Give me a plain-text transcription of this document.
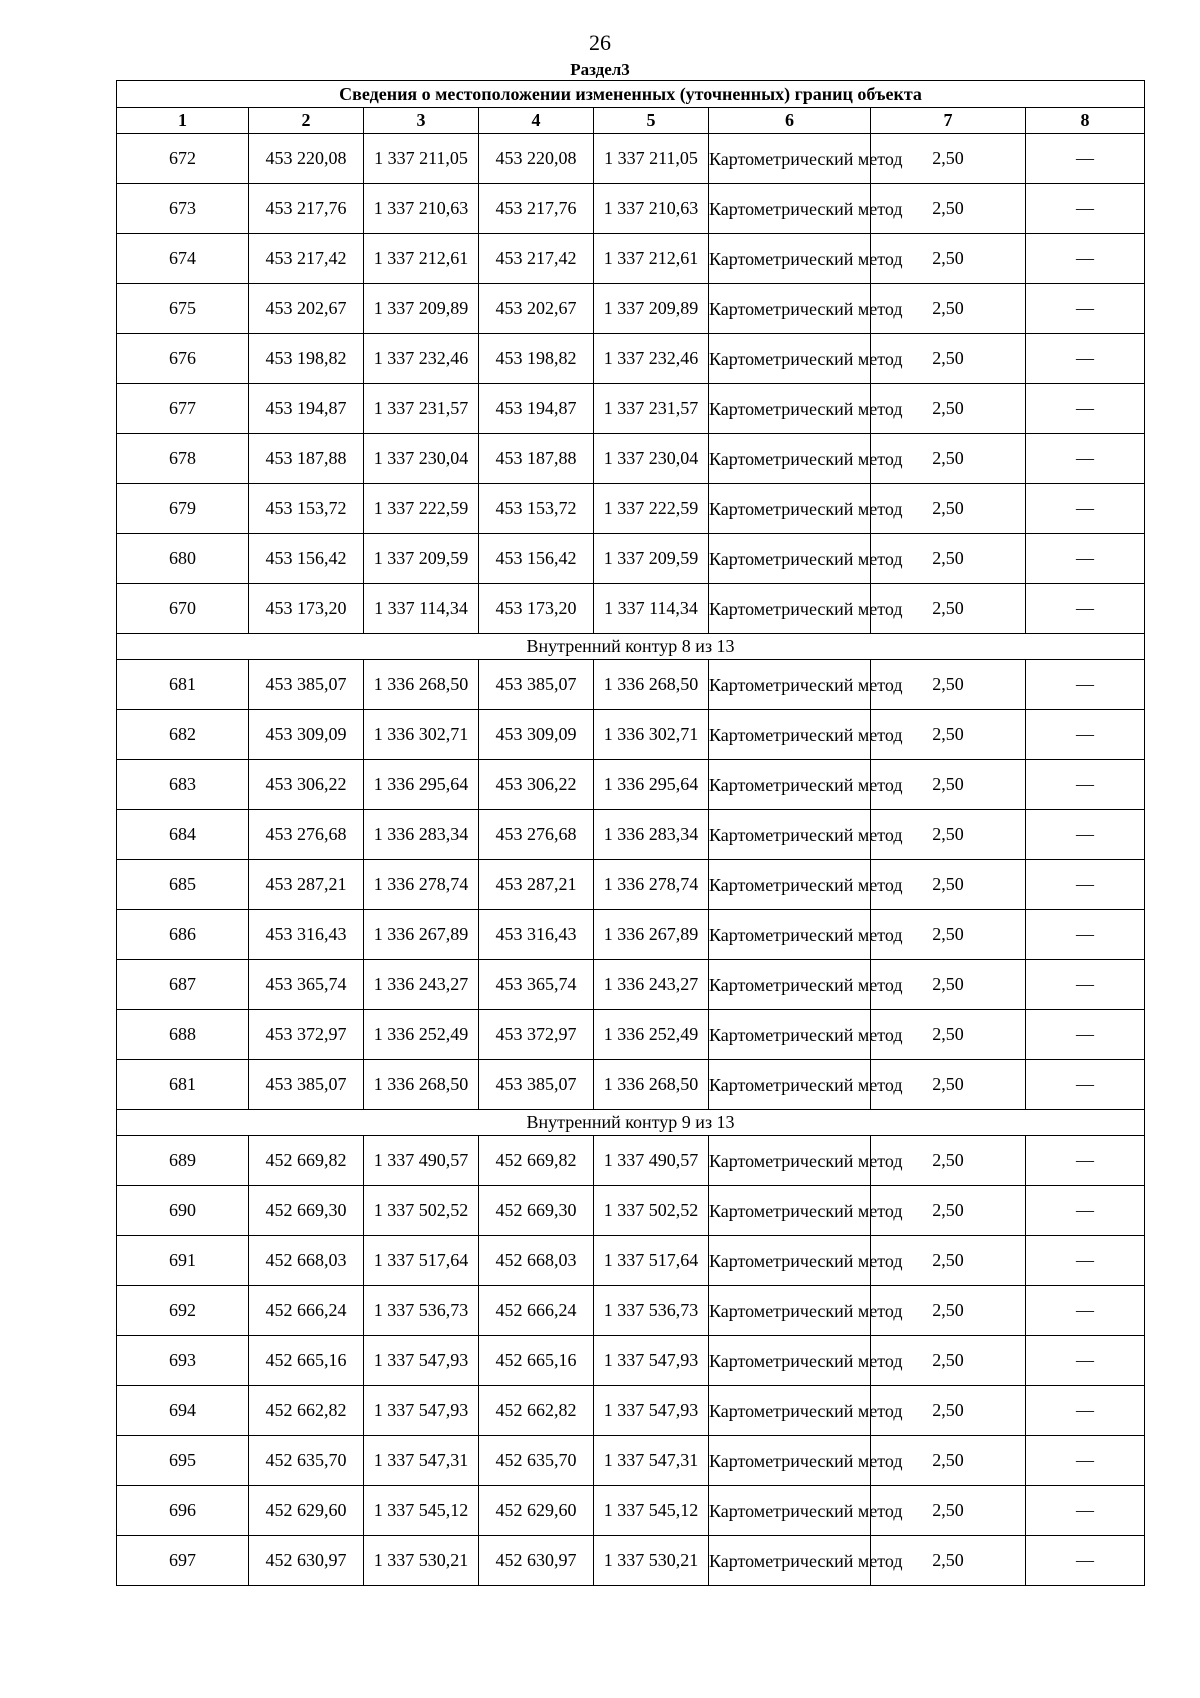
26
Раздел3
Сведения о местоположении измененных (уточненных) границ объекта							
1	2	3	4	5	6	7	8
672	453 220,08	1 337 211,05	453 220,08	1 337 211,05	Картометрический метод	2,50	—
673	453 217,76	1 337 210,63	453 217,76	1 337 210,63	Картометрический метод	2,50	—
674	453 217,42	1 337 212,61	453 217,42	1 337 212,61	Картометрический метод	2,50	—
675	453 202,67	1 337 209,89	453 202,67	1 337 209,89	Картометрический метод	2,50	—
676	453 198,82	1 337 232,46	453 198,82	1 337 232,46	Картометрический метод	2,50	—
677	453 194,87	1 337 231,57	453 194,87	1 337 231,57	Картометрический метод	2,50	—
678	453 187,88	1 337 230,04	453 187,88	1 337 230,04	Картометрический метод	2,50	—
679	453 153,72	1 337 222,59	453 153,72	1 337 222,59	Картометрический метод	2,50	—
680	453 156,42	1 337 209,59	453 156,42	1 337 209,59	Картометрический метод	2,50	—
670	453 173,20	1 337 114,34	453 173,20	1 337 114,34	Картометрический метод	2,50	—
Внутренний контур 8 из 13							
681	453 385,07	1 336 268,50	453 385,07	1 336 268,50	Картометрический метод	2,50	—
682	453 309,09	1 336 302,71	453 309,09	1 336 302,71	Картометрический метод	2,50	—
683	453 306,22	1 336 295,64	453 306,22	1 336 295,64	Картометрический метод	2,50	—
684	453 276,68	1 336 283,34	453 276,68	1 336 283,34	Картометрический метод	2,50	—
685	453 287,21	1 336 278,74	453 287,21	1 336 278,74	Картометрический метод	2,50	—
686	453 316,43	1 336 267,89	453 316,43	1 336 267,89	Картометрический метод	2,50	—
687	453 365,74	1 336 243,27	453 365,74	1 336 243,27	Картометрический метод	2,50	—
688	453 372,97	1 336 252,49	453 372,97	1 336 252,49	Картометрический метод	2,50	—
681	453 385,07	1 336 268,50	453 385,07	1 336 268,50	Картометрический метод	2,50	—
Внутренний контур 9 из 13							
689	452 669,82	1 337 490,57	452 669,82	1 337 490,57	Картометрический метод	2,50	—
690	452 669,30	1 337 502,52	452 669,30	1 337 502,52	Картометрический метод	2,50	—
691	452 668,03	1 337 517,64	452 668,03	1 337 517,64	Картометрический метод	2,50	—
692	452 666,24	1 337 536,73	452 666,24	1 337 536,73	Картометрический метод	2,50	—
693	452 665,16	1 337 547,93	452 665,16	1 337 547,93	Картометрический метод	2,50	—
694	452 662,82	1 337 547,93	452 662,82	1 337 547,93	Картометрический метод	2,50	—
695	452 635,70	1 337 547,31	452 635,70	1 337 547,31	Картометрический метод	2,50	—
696	452 629,60	1 337 545,12	452 629,60	1 337 545,12	Картометрический метод	2,50	—
697	452 630,97	1 337 530,21	452 630,97	1 337 530,21	Картометрический метод	2,50	—
